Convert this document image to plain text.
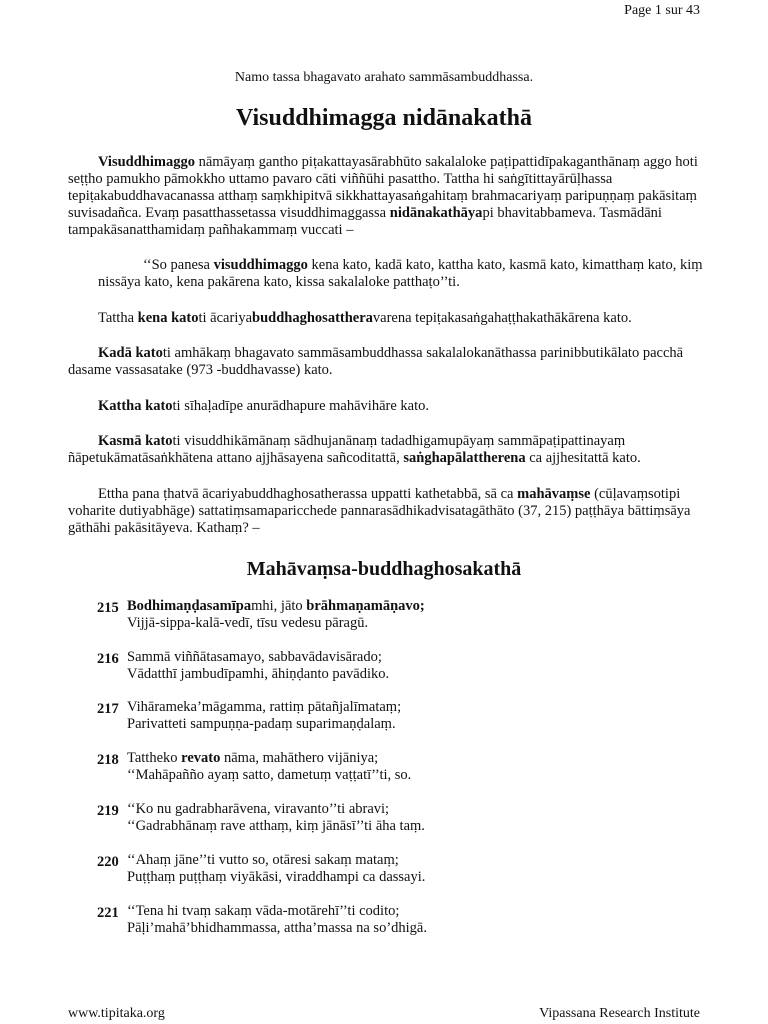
Page 1 sur 43
Namo tassa bhagavato arahato sammāsambuddhassa.
Visuddhimagga nidānakathā

Visuddhimaggo nāmāyaṃ gantho piṭakattayasārabhūto sakalaloke paṭipattidīpakaganthānaṃ aggo hoti seṭṭho pamukho pāmokkho uttamo pavaro cāti viññūhi pasattho. Tattha hi saṅgītittayārūḷhassa tepiṭakabuddhavacanassa atthaṃ saṃkhipitvā sikkhattayasaṅgahitaṃ brahmacariyaṃ paripuṇṇaṃ pakāsitaṃ suvisadañca. Evaṃ pasatthassetassa visuddhimaggassa nidānakathāyapi bhavitabbameva. Tasmādāni tampakāsanatthamidaṃ pañhakammaṃ vuccati –

‘‘So panesa visuddhimaggo kena kato, kadā kato, kattha kato, kasmā kato, kimatthaṃ kato, kiṃ nissāya kato, kena pakārena kato, kissa sakalaloke patthaṭo’’ti.

Tattha kena katoti ācariyabuddhaghosattheravarena tepiṭakasaṅgahaṭṭhakathākārena kato.

Kadā katoti amhākaṃ bhagavato sammāsambuddhassa sakalalokanāthassa parinibbutikālato pacchā dasame vassasatake (973 -buddhavasse) kato.

Kattha katoti sīhaḷadīpe anurādhapure mahāvihāre kato.

Kasmā katoti visuddhikāmānaṃ sādhujanānaṃ tadadhigamupāyaṃ sammāpaṭipattinayaṃ ñāpetukāmatāsaṅkhātena attano ajjhāsayena sañcoditattā, saṅghapālattherena ca ajjhesitattā kato.

Ettha pana ṭhatvā ācariyabuddhaghosatherassa uppatti kathetabbā, sā ca mahāvaṃse (cūḷavaṃsotipi voharite dutiyabhāge) sattatiṃsamaparicchede pannarasādhikadvisatagāthāto (37, 215) paṭṭhāya bāttiṃsāya gāthāhi pakāsitāyeva. Kathaṃ? –

Mahāvaṃsa-buddhaghosakathā
215 Bodhimaṇḍasamīpamhi, jāto brāhmaṇamāṇavo;
Vijjā-sippa-kalā-vedī, tīsu vedesu pāragū.
216 Sammā viññātasamayo, sabbavādavisārado;
Vādatthī jambudīpamhi, āhiṇḍanto pavādiko.
217 Vihārameka’māgamma, rattiṃ pātañjalīmataṃ;
Parivatteti sampuṇṇa-padaṃ suparimaṇḍalaṃ.
218 Tattheko revato nāma, mahāthero vijāniya;
‘‘Mahāpañño ayaṃ satto, dametuṃ vaṭṭatī’’ti, so.
219 ‘‘Ko nu gadrabharāvena, viravanto’’ti abravi;
‘‘Gadrabhānaṃ rave atthaṃ, kiṃ jānāsī’’ti āha taṃ.
220 ‘‘Ahaṃ jāne’’ti vutto so, otāresi sakaṃ mataṃ;
Puṭṭhaṃ puṭṭhaṃ viyākāsi, viraddhampi ca dassayi.
221 ‘‘Tena hi tvaṃ sakaṃ vāda-motārehī’’ti codito;
Pāḷi’mahā’bhidhammassa, attha’massa na so’dhigā.
www.tipitaka.org	Vipassana Research Institute
